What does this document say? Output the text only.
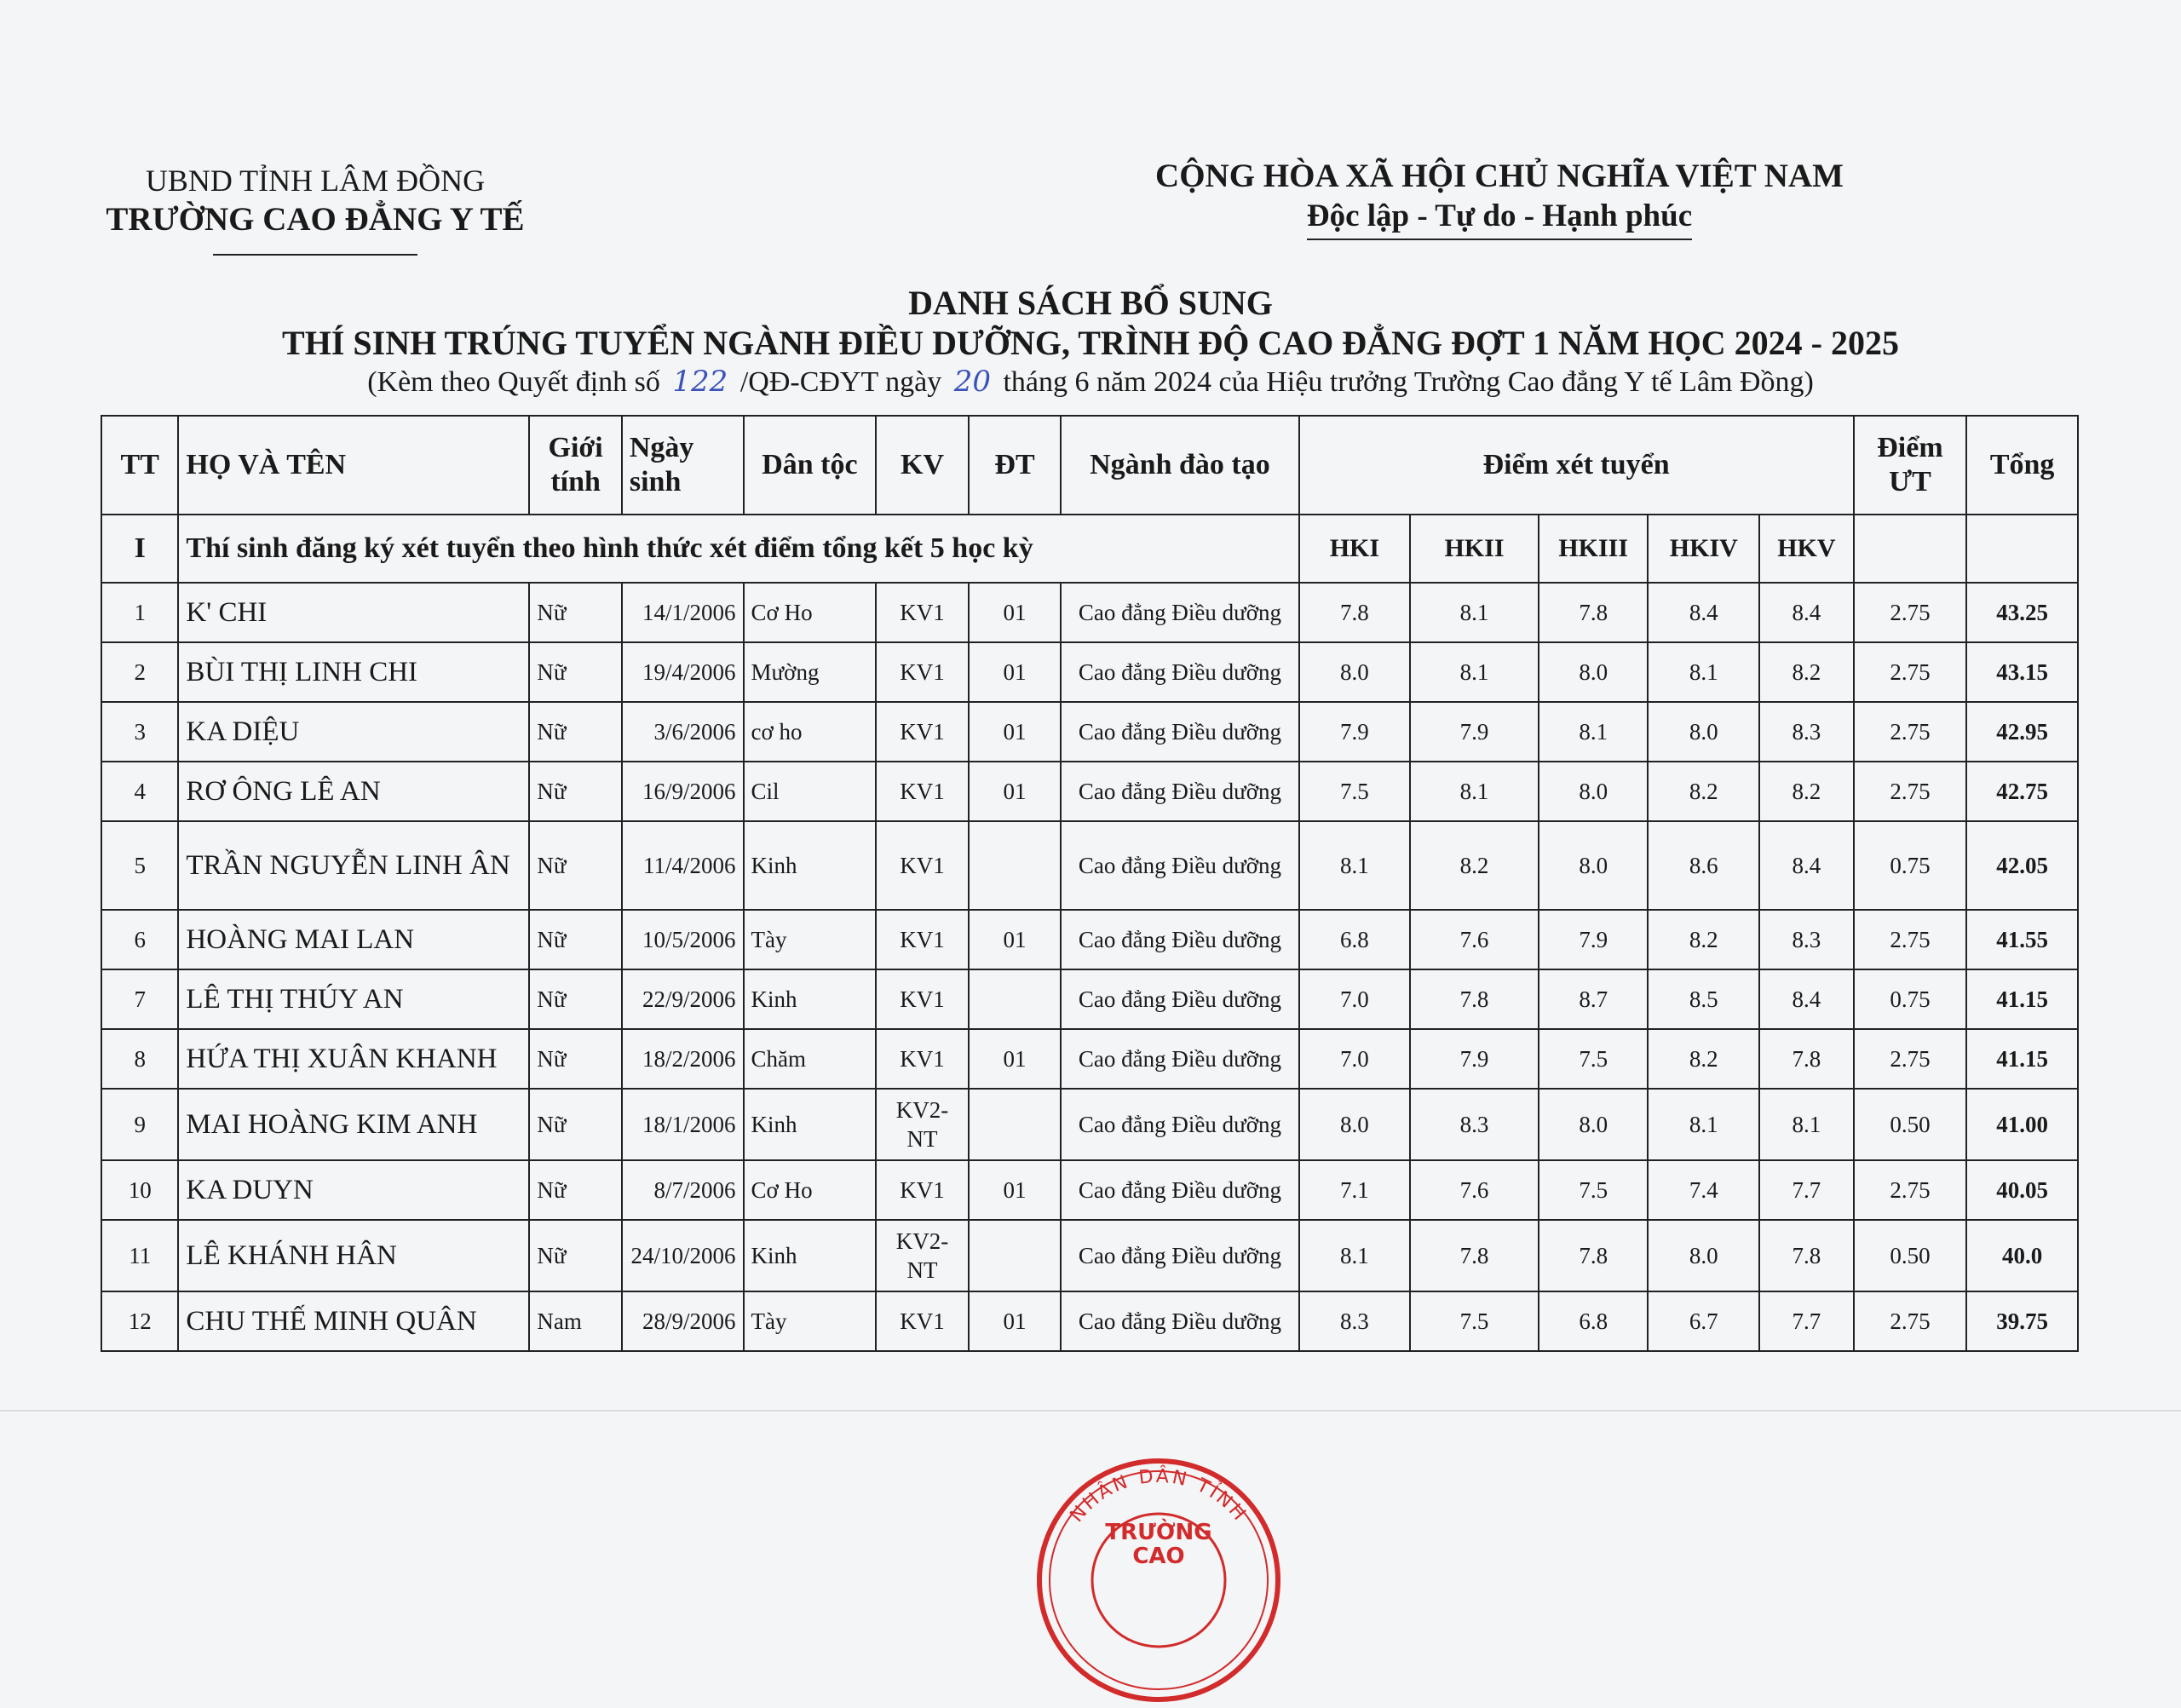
UBND TỈNH LÂM ĐỒNG
TRƯỜNG CAO ĐẲNG Y TẾ
CỘNG HÒA XÃ HỘI CHỦ NGHĨA VIỆT NAM
Độc lập - Tự do - Hạnh phúc
DANH SÁCH BỔ SUNG
THÍ SINH TRÚNG TUYỂN NGÀNH ĐIỀU DƯỠNG, TRÌNH ĐỘ CAO ĐẲNG ĐỢT 1 NĂM HỌC 2024 - 2025
(Kèm theo Quyết định số 122 /QĐ-CĐYT ngày 20 tháng 6 năm 2024 của Hiệu trưởng Trường Cao đẳng Y tế Lâm Đồng)
TT	HỌ VÀ TÊN	Giới tính	Ngày sinh	Dân tộc	KV	ĐT	Ngành đào tạo	Điểm xét tuyển					Điểm ƯT	Tổng
I	Thí sinh đăng ký xét tuyển theo hình thức xét điểm tổng kết 5 học kỳ							HKI	HKII	HKIII	HKIV	HKV		
1	K' CHI	Nữ	14/1/2006	Cơ Ho	KV1	01	Cao đẳng Điều dưỡng	7.8	8.1	7.8	8.4	8.4	2.75	43.25
2	BÙI THỊ LINH CHI	Nữ	19/4/2006	Mường	KV1	01	Cao đẳng Điều dưỡng	8.0	8.1	8.0	8.1	8.2	2.75	43.15
3	KA DIỆU	Nữ	3/6/2006	cơ ho	KV1	01	Cao đẳng Điều dưỡng	7.9	7.9	8.1	8.0	8.3	2.75	42.95
4	RƠ ÔNG LÊ AN	Nữ	16/9/2006	Cil	KV1	01	Cao đẳng Điều dưỡng	7.5	8.1	8.0	8.2	8.2	2.75	42.75
5	TRẦN NGUYỄN LINH ÂN	Nữ	11/4/2006	Kinh	KV1		Cao đẳng Điều dưỡng	8.1	8.2	8.0	8.6	8.4	0.75	42.05
6	HOÀNG MAI LAN	Nữ	10/5/2006	Tày	KV1	01	Cao đẳng Điều dưỡng	6.8	7.6	7.9	8.2	8.3	2.75	41.55
7	LÊ THỊ THÚY AN	Nữ	22/9/2006	Kinh	KV1		Cao đẳng Điều dưỡng	7.0	7.8	8.7	8.5	8.4	0.75	41.15
8	HỨA THỊ XUÂN KHANH	Nữ	18/2/2006	Chăm	KV1	01	Cao đẳng Điều dưỡng	7.0	7.9	7.5	8.2	7.8	2.75	41.15
9	MAI HOÀNG KIM ANH	Nữ	18/1/2006	Kinh	KV2-NT		Cao đẳng Điều dưỡng	8.0	8.3	8.0	8.1	8.1	0.50	41.00
10	KA DUYN	Nữ	8/7/2006	Cơ Ho	KV1	01	Cao đẳng Điều dưỡng	7.1	7.6	7.5	7.4	7.7	2.75	40.05
11	LÊ KHÁNH HÂN	Nữ	24/10/2006	Kinh	KV2-NT		Cao đẳng Điều dưỡng	8.1	7.8	7.8	8.0	7.8	0.50	40.0
12	CHU THẾ MINH QUÂN	Nam	28/9/2006	Tày	KV1	01	Cao đẳng Điều dưỡng	8.3	7.5	6.8	6.7	7.7	2.75	39.75
NHÂN DÂN TỈNH
TRƯỜNG
CAO
